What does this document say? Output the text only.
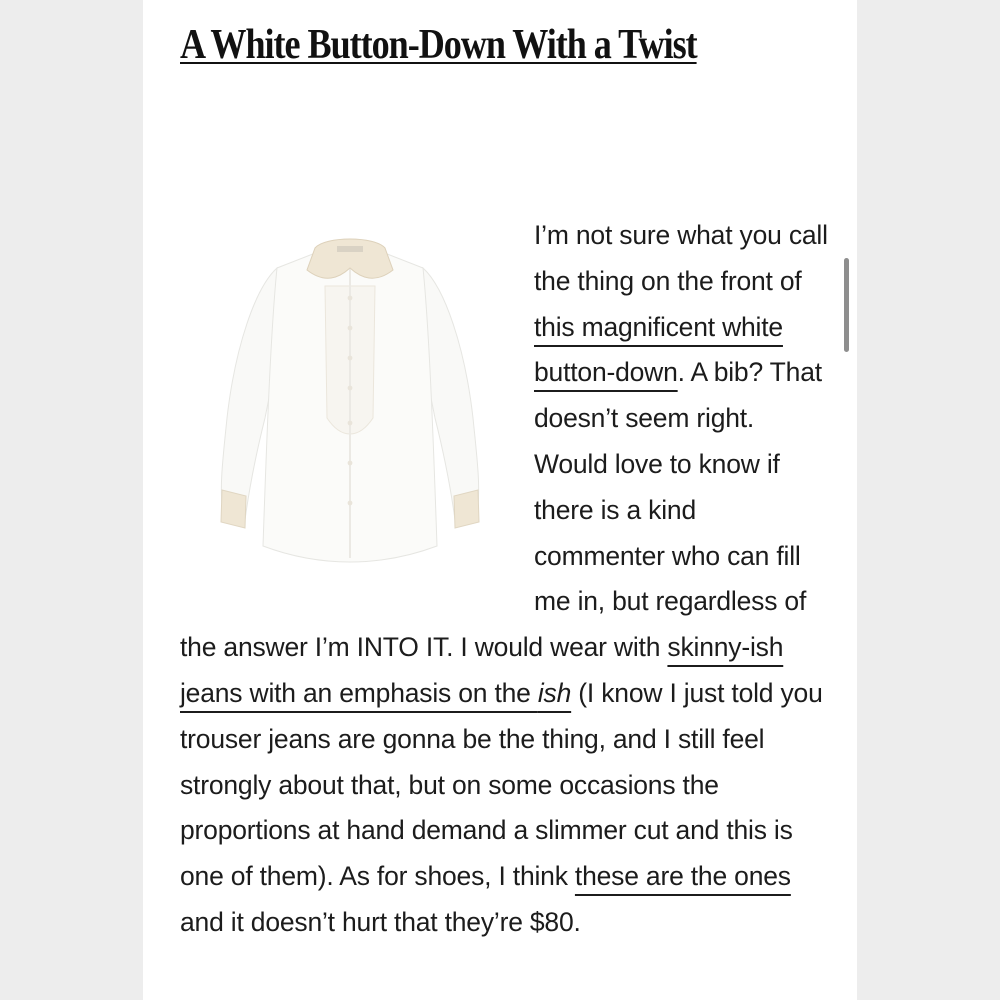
A White Button-Down With a Twist

I’m not sure what you call the thing on the front of this magnificent white button-down. A bib? That doesn’t seem right. Would love to know if there is a kind commenter who can fill me in, but regardless of the answer I’m INTO IT. I would wear with skinny-ish jeans with an emphasis on the ish (I know I just told you trouser jeans are gonna be the thing, and I still feel strongly about that, but on some occasions the proportions at hand demand a slimmer cut and this is one of them). As for shoes, I think these are the ones and it doesn’t hurt that they’re $80.
